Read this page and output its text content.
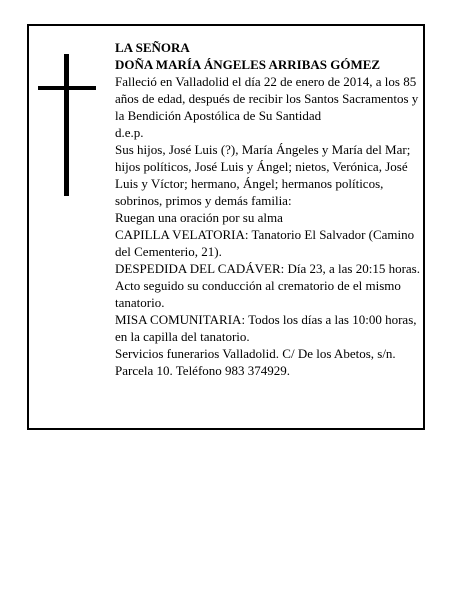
LA SEÑORA
DOÑA MARÍA ÁNGELES ARRIBAS GÓMEZ
Falleció en Valladolid el día 22 de enero de 2014, a los 85 años de edad, después de recibir los Santos Sacramentos y la Bendición Apostólica de Su Santidad
d.e.p.
Sus hijos, José Luis (?), María Ángeles y María del Mar; hijos políticos, José Luis y Ángel; nietos, Verónica, José Luis y Víctor; hermano, Ángel; hermanos políticos, sobrinos, primos y demás familia:
Ruegan una oración por su alma
CAPILLA VELATORIA: Tanatorio El Salvador (Camino del Cementerio, 21).
DESPEDIDA DEL CADÁVER: Día 23, a las 20:15 horas. Acto seguido su conducción al crematorio de el mismo tanatorio.
MISA COMUNITARIA: Todos los días a las 10:00 horas, en la capilla del tanatorio.
Servicios funerarios Valladolid. C/ De los Abetos, s/n. Parcela 10. Teléfono 983 374929.
